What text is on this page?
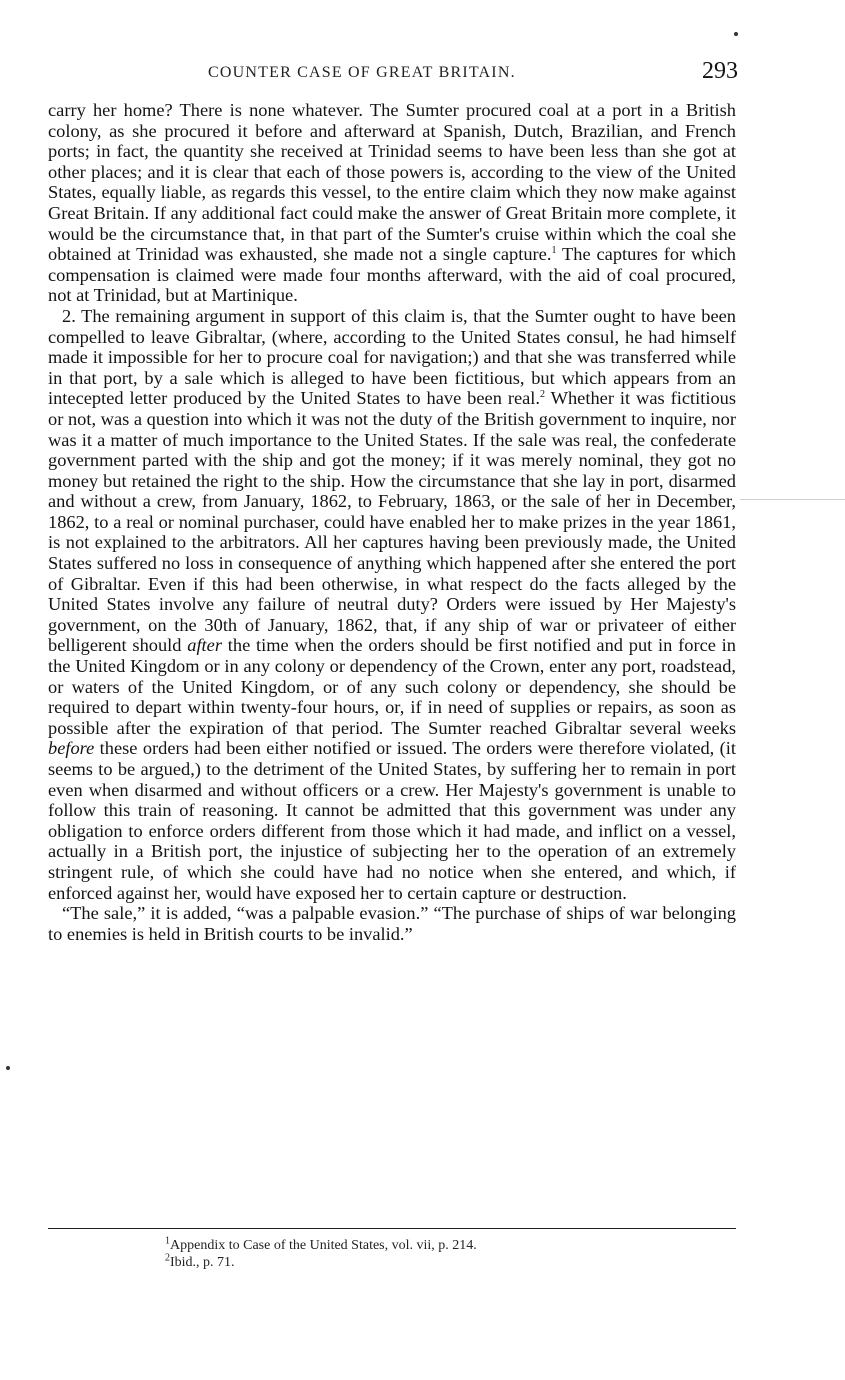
COUNTER CASE OF GREAT BRITAIN.	293

carry her home? There is none whatever. The Sumter procured coal at a port in a British colony, as she procured it before and afterward at Spanish, Dutch, Brazilian, and French ports; in fact, the quantity she received at Trinidad seems to have been less than she got at other places; and it is clear that each of those powers is, according to the view of the United States, equally liable, as regards this vessel, to the entire claim which they now make against Great Britain. If any additional fact could make the answer of Great Britain more complete, it would be the circumstance that, in that part of the Sumter's cruise within which the coal she obtained at Trinidad was exhausted, she made not a single capture.$^1$ The captures for which compensation is claimed were made four months afterward, with the aid of coal procured, not at Trinidad, but at Martinique.

2. The remaining argument in support of this claim is, that the Sumter ought to have been compelled to leave Gibraltar, (where, according to the United States consul, he had himself made it impossible for her to procure coal for navigation;) and that she was transferred while in that port, by a sale which is alleged to have been fictitious, but which appears from an intecepted letter produced by the United States to have been real.$^2$ Whether it was fictitious or not, was a question into which it was not the duty of the British government to inquire, nor was it a matter of much importance to the United States. If the sale was real, the confederate government parted with the ship and got the money; if it was merely nominal, they got no money but retained the right to the ship. How the circumstance that she lay in port, disarmed and without a crew, from January, 1862, to February, 1863, or the sale of her in December, 1862, to a real or nominal purchaser, could have enabled her to make prizes in the year 1861, is not explained to the arbitrators. All her captures having been previously made, the United States suffered no loss in consequence of anything which happened after she entered the port of Gibraltar. Even if this had been otherwise, in what respect do the facts alleged by the United States involve any failure of neutral duty? Orders were issued by Her Majesty's government, on the 30th of January, 1862, that, if any ship of war or privateer of either belligerent should after the time when the orders should be first notified and put in force in the United Kingdom or in any colony or dependency of the Crown, enter any port, roadstead, or waters of the United Kingdom, or of any such colony or dependency, she should be required to depart within twenty-four hours, or, if in need of supplies or repairs, as soon as possible after the expiration of that period. The Sumter reached Gibraltar several weeks before these orders had been either notified or issued. The orders were therefore violated, (it seems to be argued,) to the detriment of the United States, by suffering her to remain in port even when disarmed and without officers or a crew. Her Majesty's government is unable to follow this train of reasoning. It cannot be admitted that this government was under any obligation to enforce orders different from those which it had made, and inflict on a vessel, actually in a British port, the injustice of subjecting her to the operation of an extremely stringent rule, of which she could have had no notice when she entered, and which, if enforced against her, would have exposed her to certain capture or destruction.

“The sale,” it is added, “was a palpable evasion.” “The purchase of ships of war belonging to enemies is held in British courts to be invalid.”

$^1$Appendix to Case of the United States, vol. vii, p. 214.
$^2$Ibid., p. 71.
